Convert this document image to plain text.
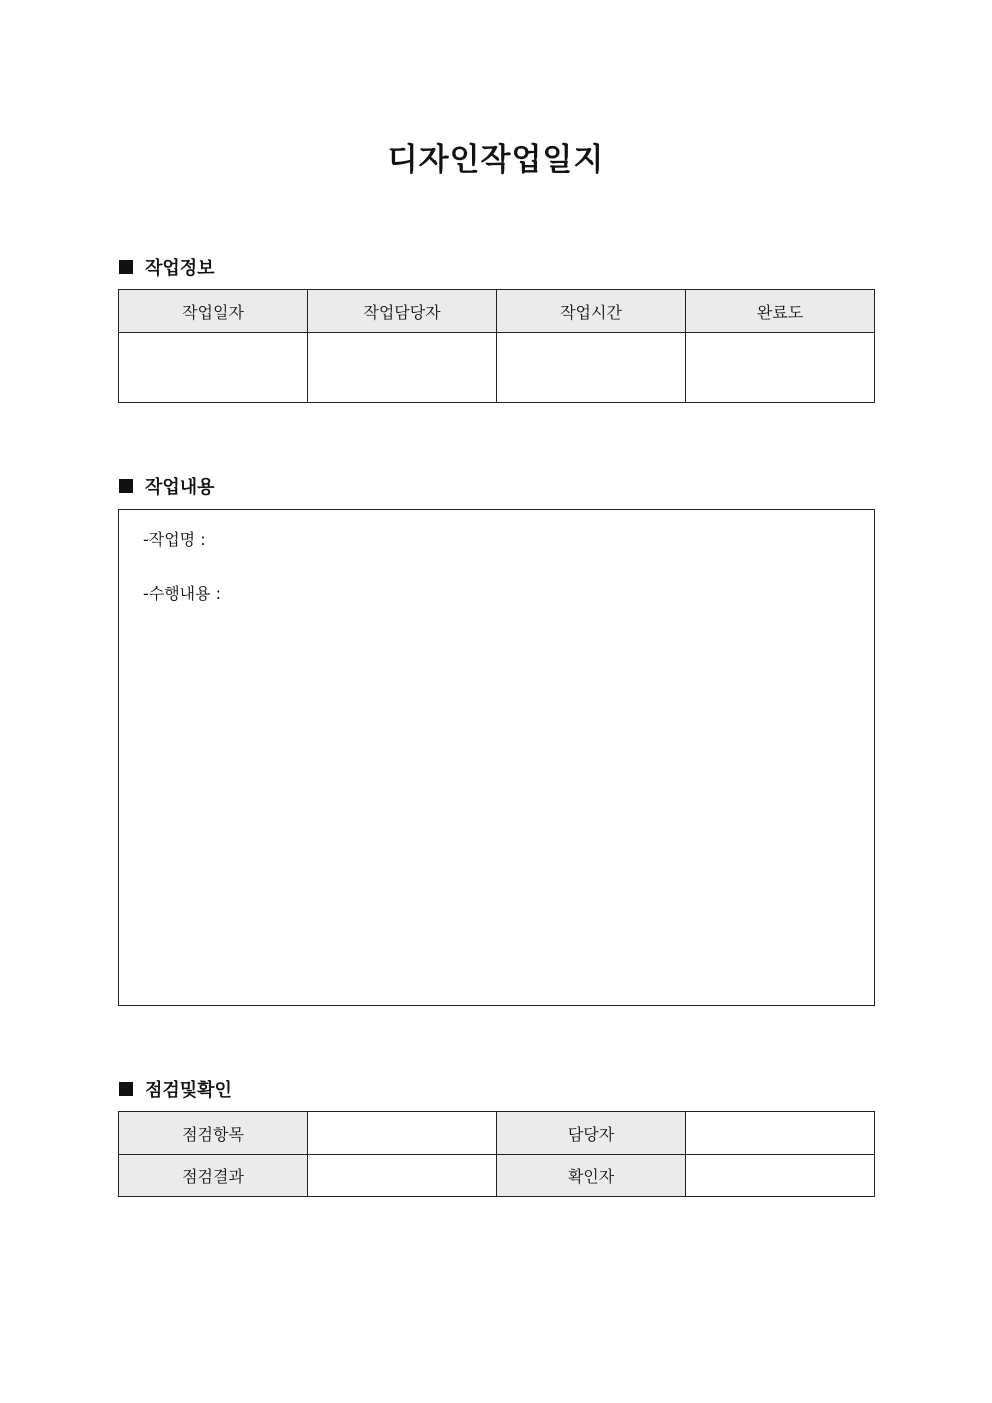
디자인작업일지
작업정보
작업일자	작업담당자	작업시간	완료도

작업내용

-작업명 :

-수행내용 :

점검및확인
점검항목		담당자	
점검결과		확인자	
